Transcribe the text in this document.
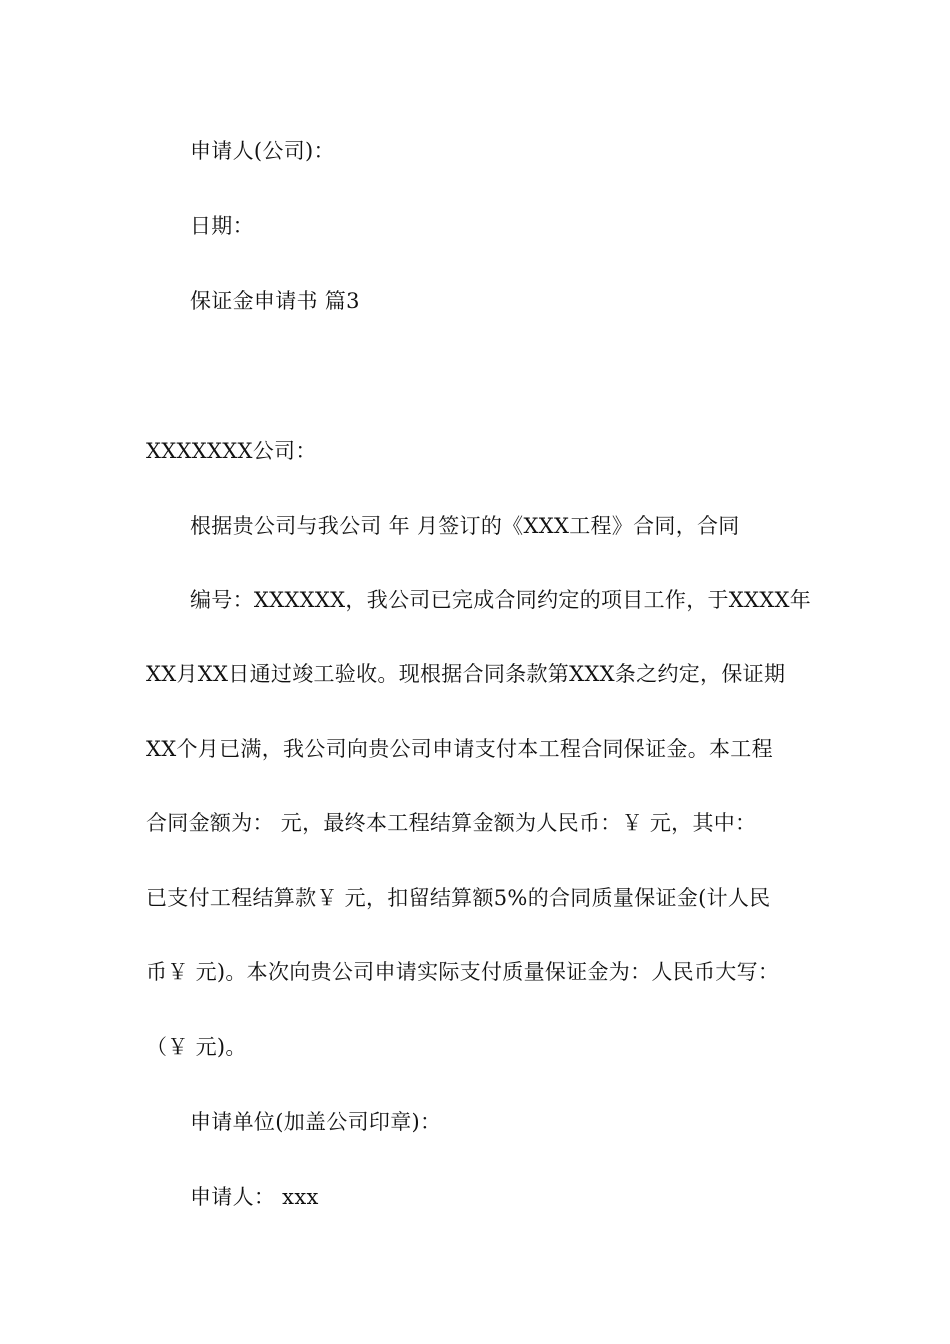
申请人(公司)：
日期：
保证金申请书 篇3
XXXXXXX公司：
根据贵公司与我公司 年 月签订的《XXX工程》合同，合同
编号：XXXXXX，我公司已完成合同约定的项目工作，于XXXX年
XX月XX日通过竣工验收。现根据合同条款第XXX条之约定，保证期
XX个月已满，我公司向贵公司申请支付本工程合同保证金。本工程
合同金额为： 元，最终本工程结算金额为人民币：￥ 元，其中：
已支付工程结算款￥ 元，扣留结算额5%的合同质量保证金(计人民
币￥ 元)。本次向贵公司申请实际支付质量保证金为：人民币大写：
（￥ 元)。
申请单位(加盖公司印章)：
申请人： xxx
